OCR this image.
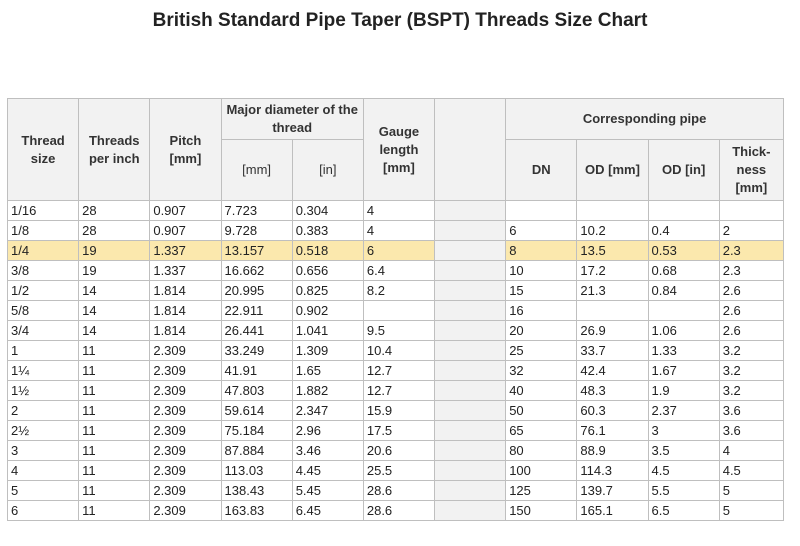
British Standard Pipe Taper (BSPT) Threads Size Chart
Thread size	Threads per inch	Pitch [mm]	Major diameter of the thread		Gauge length [mm]		Corresponding pipe			
			[mm]	[in]			DN	OD [mm]	OD [in]	Thick-ness [mm]
1/16	28	0.907	7.723	0.304	4					
1/8	28	0.907	9.728	0.383	4		6	10.2	0.4	2
1/4	19	1.337	13.157	0.518	6		8	13.5	0.53	2.3
3/8	19	1.337	16.662	0.656	6.4		10	17.2	0.68	2.3
1/2	14	1.814	20.995	0.825	8.2		15	21.3	0.84	2.6
5/8	14	1.814	22.911	0.902			16			2.6
3/4	14	1.814	26.441	1.041	9.5		20	26.9	1.06	2.6
1	11	2.309	33.249	1.309	10.4		25	33.7	1.33	3.2
1¼	11	2.309	41.91	1.65	12.7		32	42.4	1.67	3.2
1½	11	2.309	47.803	1.882	12.7		40	48.3	1.9	3.2
2	11	2.309	59.614	2.347	15.9		50	60.3	2.37	3.6
2½	11	2.309	75.184	2.96	17.5		65	76.1	3	3.6
3	11	2.309	87.884	3.46	20.6		80	88.9	3.5	4
4	11	2.309	113.03	4.45	25.5		100	114.3	4.5	4.5
5	11	2.309	138.43	5.45	28.6		125	139.7	5.5	5
6	11	2.309	163.83	6.45	28.6		150	165.1	6.5	5
